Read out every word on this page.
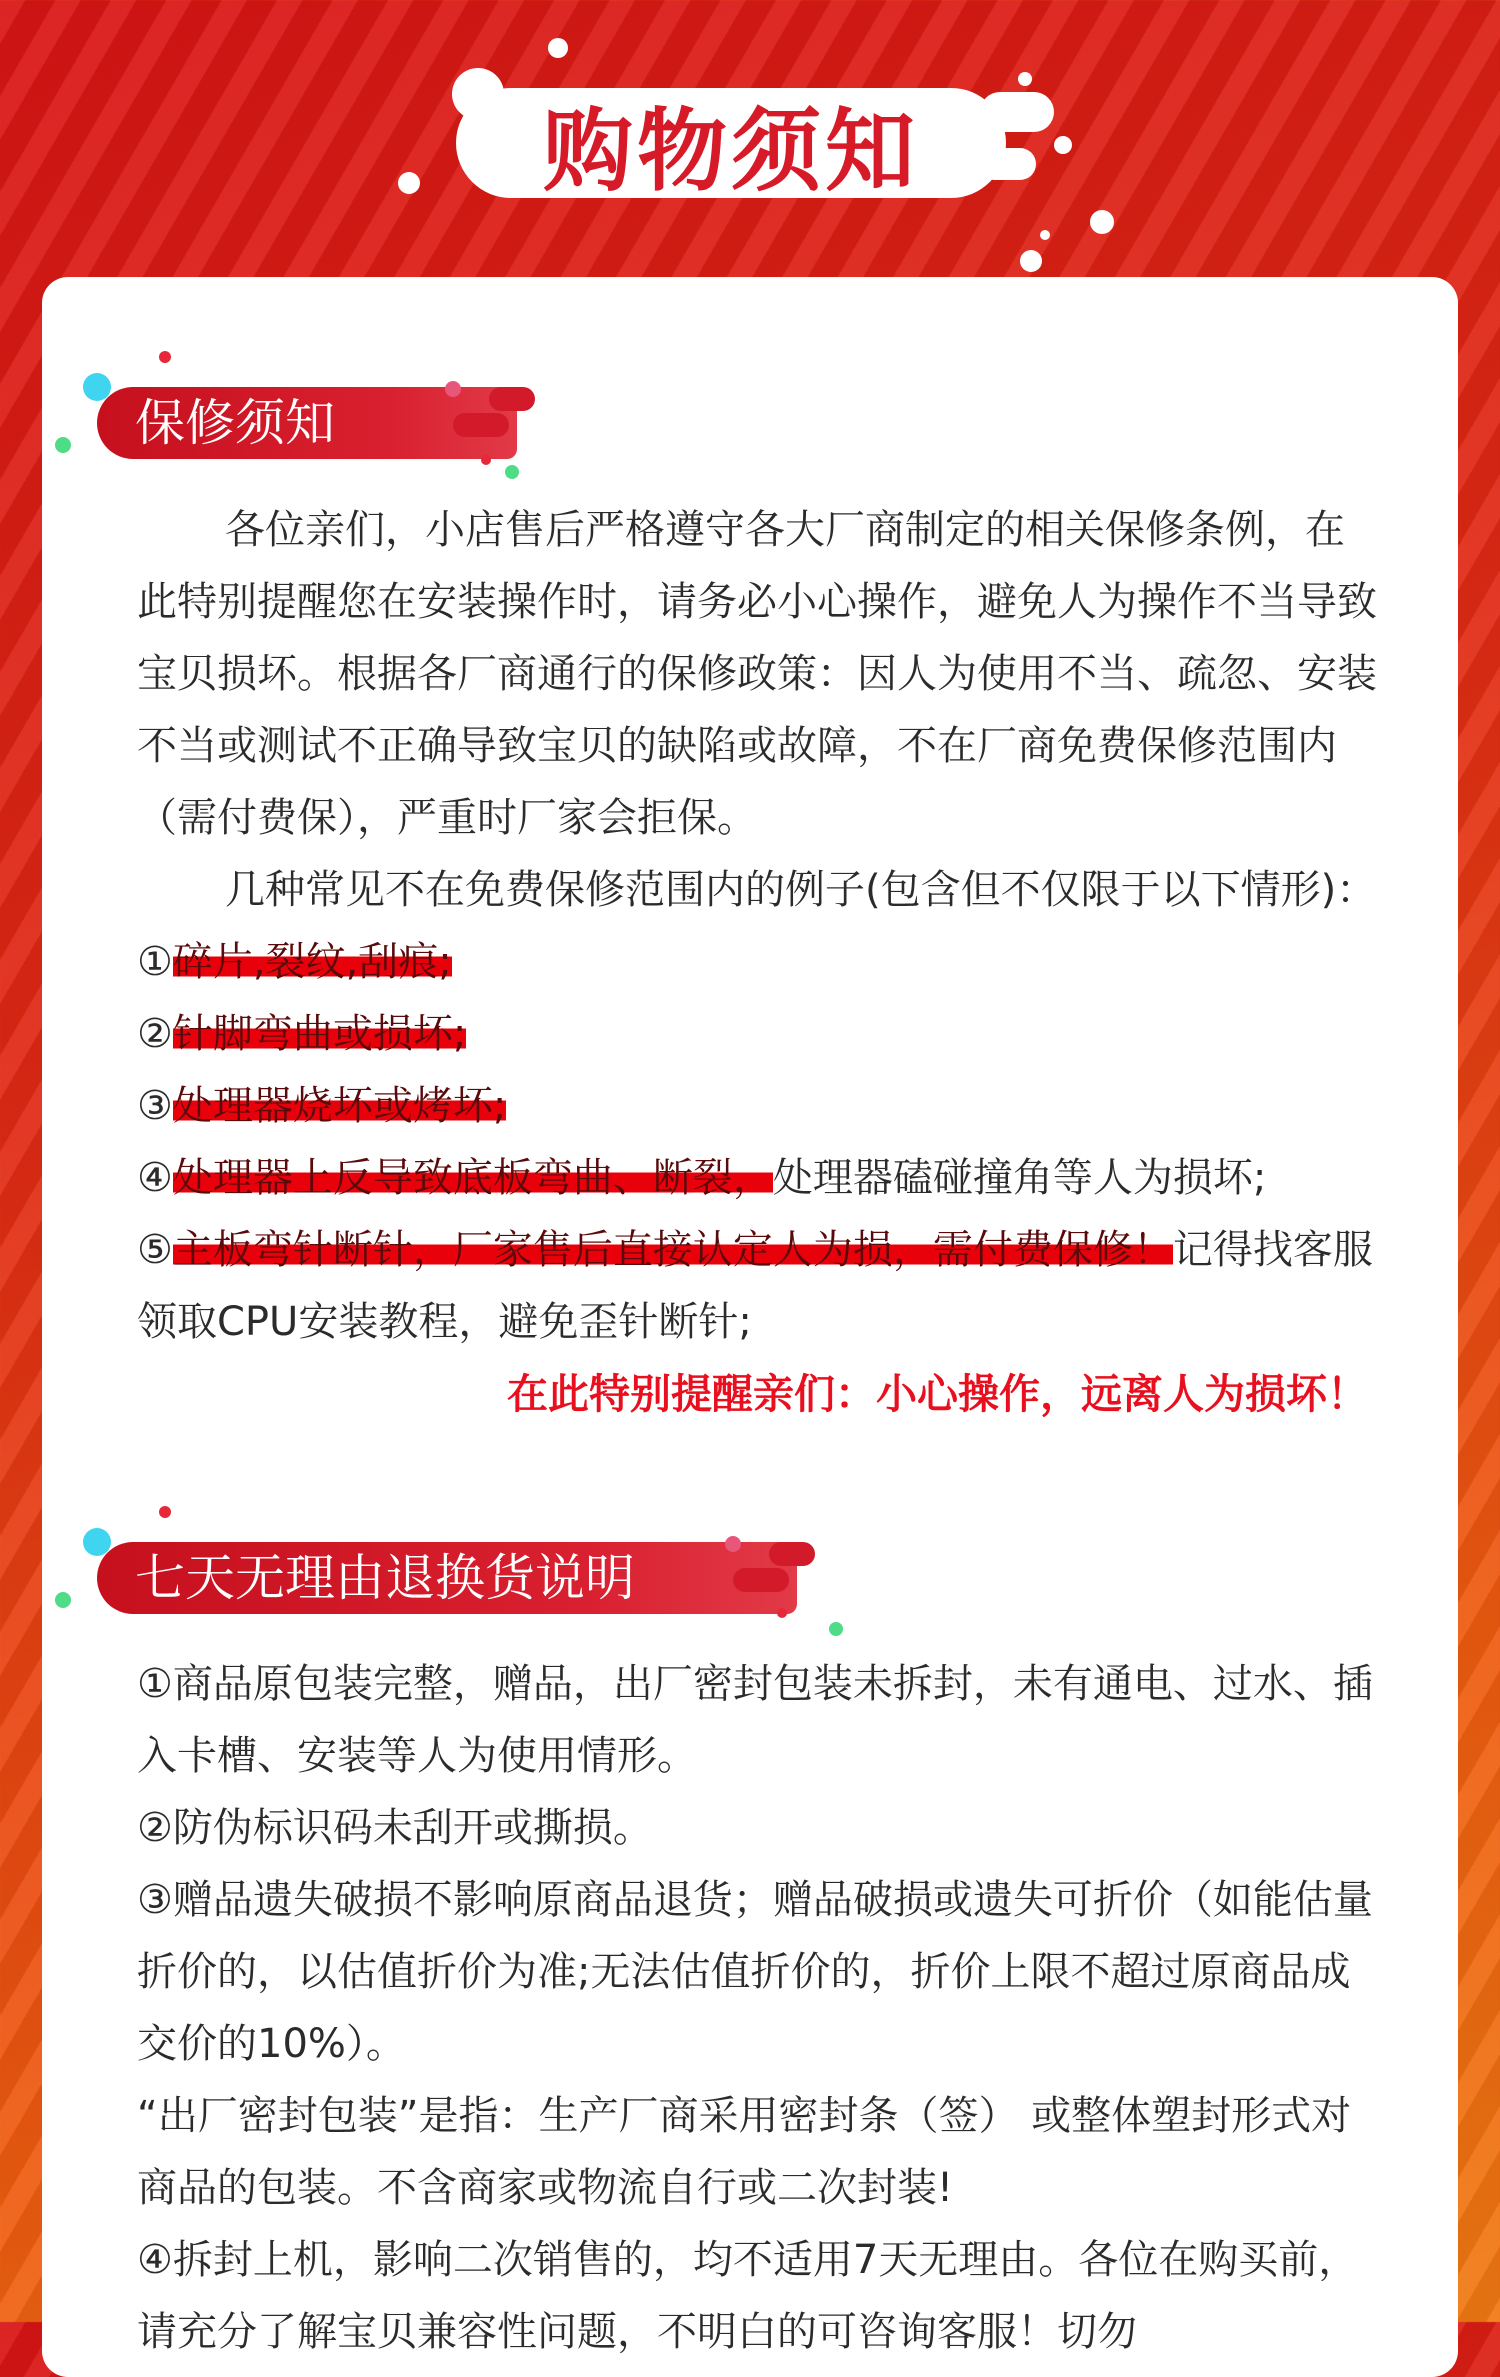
购物须知
保修须知

各位亲们，小店售后严格遵守各大厂商制定的相关保修条例，在此特别提醒您在安装操作时，请务必小心操作，避免人为操作不当导致宝贝损坏。根据各厂商通行的保修政策：因人为使用不当、疏忽、安装不当或测试不正确导致宝贝的缺陷或故障，不在厂商免费保修范围内（需付费保），严重时厂家会拒保。

几种常见不在免费保修范围内的例子(包含但不仅限于以下情形)：

①碎片,裂纹,刮痕;

②针脚弯曲或损坏;

③处理器烧坏或烤坏;

④处理器上反导致底板弯曲、断裂，处理器磕碰撞角等人为损坏;

⑤主板弯针断针，厂家售后直接认定人为损，需付费保修！记得找客服领取CPU安装教程，避免歪针断针;

在此特别提醒亲们：小心操作，远离人为损坏！

七天无理由退换货说明

①商品原包装完整，赠品，出厂密封包装未拆封，未有通电、过水、插入卡槽、安装等人为使用情形。

②防伪标识码未刮开或撕损。

③赠品遗失破损不影响原商品退货；赠品破损或遗失可折价（如能估量折价的，以估值折价为准;无法估值折价的，折价上限不超过原商品成交价的10%）。

“出厂密封包装”是指：生产厂商采用密封条（签） 或整体塑封形式对商品的包装。不含商家或物流自行或二次封装!

④拆封上机，影响二次销售的，均不适用7天无理由。各位在购买前，请充分了解宝贝兼容性问题，不明白的可咨询客服！切勿
